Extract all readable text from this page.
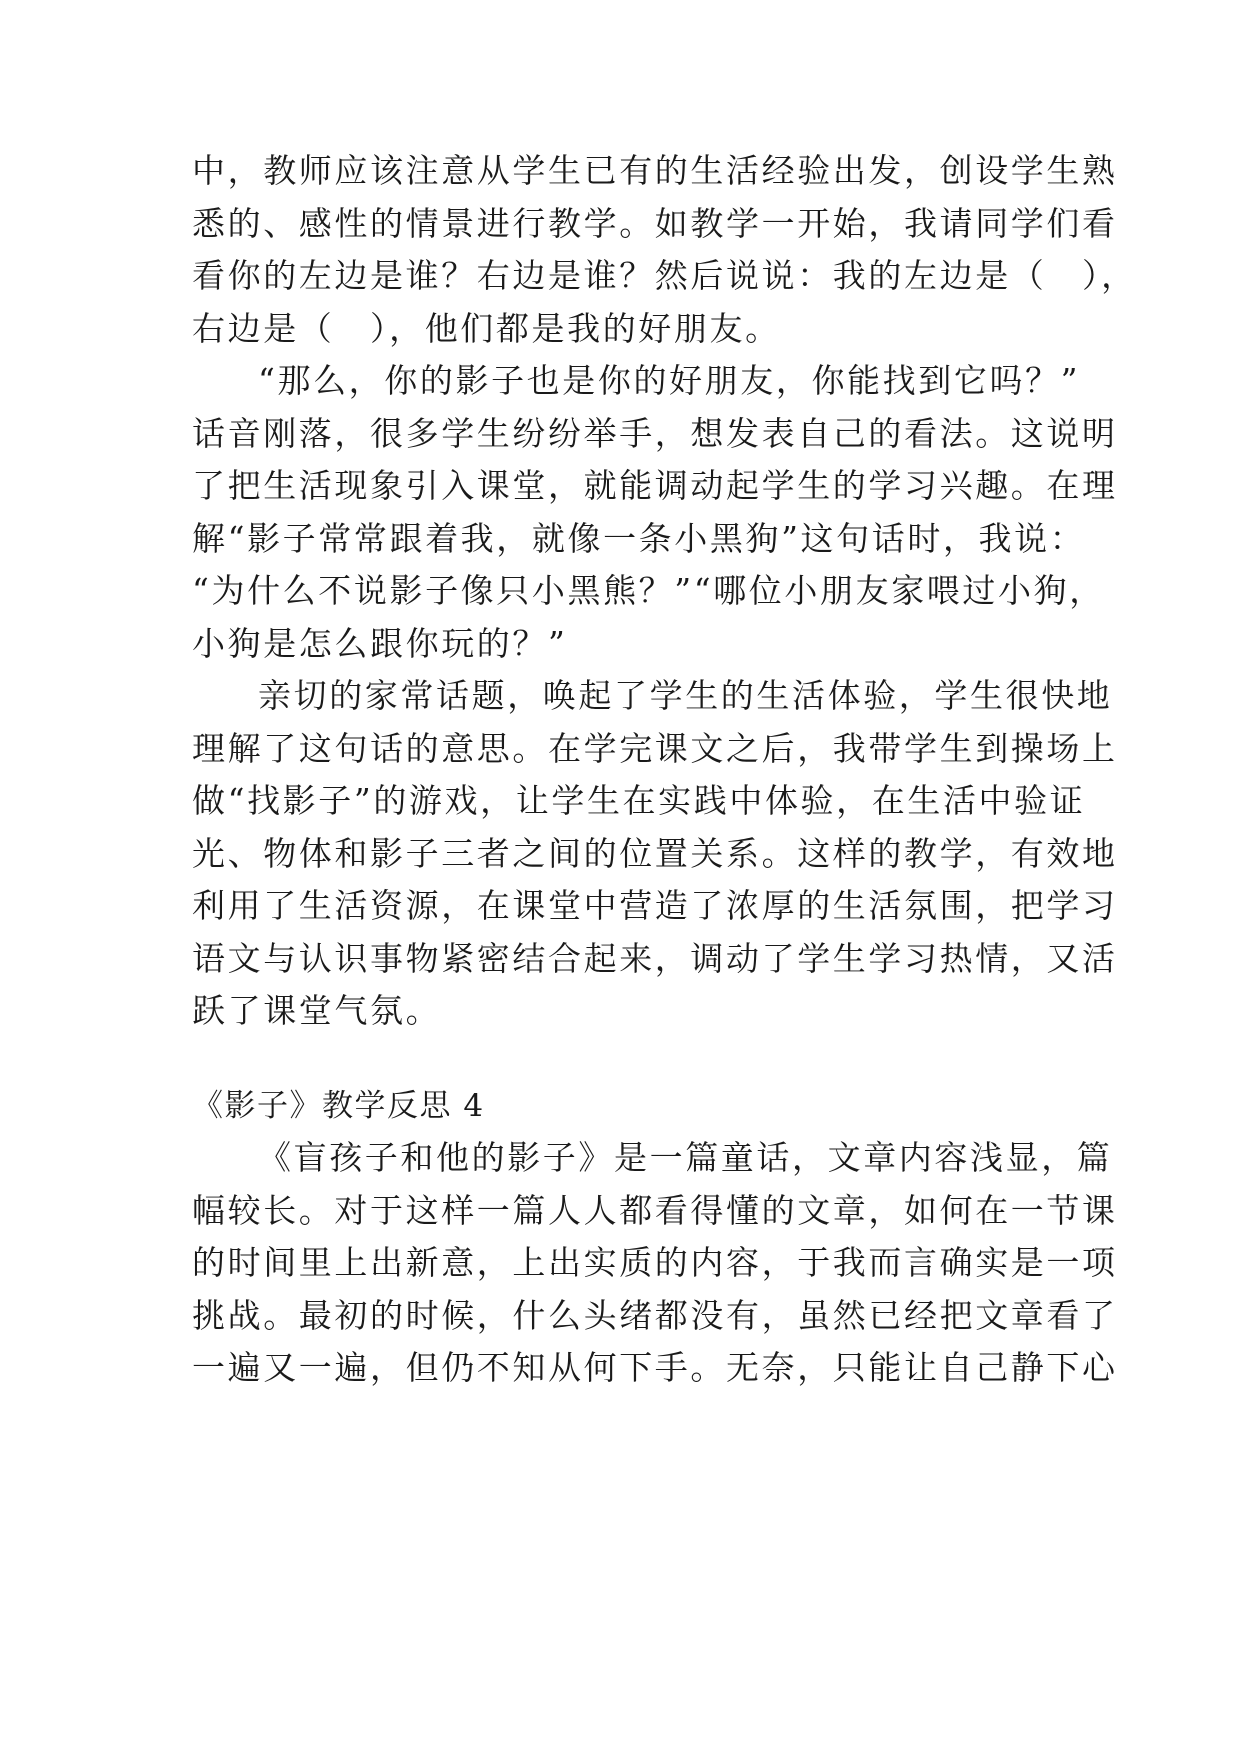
中，教师应该注意从学生已有的生活经验出发，创设学生熟
悉的、感性的情景进行教学。如教学一开始，我请同学们看
看你的左边是谁？右边是谁？然后说说：我的左边是（　），
右边是（　），他们都是我的好朋友。
“那么，你的影子也是你的好朋友，你能找到它吗？”
话音刚落，很多学生纷纷举手，想发表自己的看法。这说明
了把生活现象引入课堂，就能调动起学生的学习兴趣。在理
解“影子常常跟着我，就像一条小黑狗”这句话时，我说：
“为什么不说影子像只小黑熊？”“哪位小朋友家喂过小狗，
小狗是怎么跟你玩的？”
亲切的家常话题，唤起了学生的生活体验，学生很快地
理解了这句话的意思。在学完课文之后，我带学生到操场上
做“找影子”的游戏，让学生在实践中体验，在生活中验证
光、物体和影子三者之间的位置关系。这样的教学，有效地
利用了生活资源，在课堂中营造了浓厚的生活氛围，把学习
语文与认识事物紧密结合起来，调动了学生学习热情，又活
跃了课堂气氛。
《影子》教学反思 4
《盲孩子和他的影子》是一篇童话，文章内容浅显，篇
幅较长。对于这样一篇人人都看得懂的文章，如何在一节课
的时间里上出新意，上出实质的内容，于我而言确实是一项
挑战。最初的时候，什么头绪都没有，虽然已经把文章看了
一遍又一遍，但仍不知从何下手。无奈，只能让自己静下心
